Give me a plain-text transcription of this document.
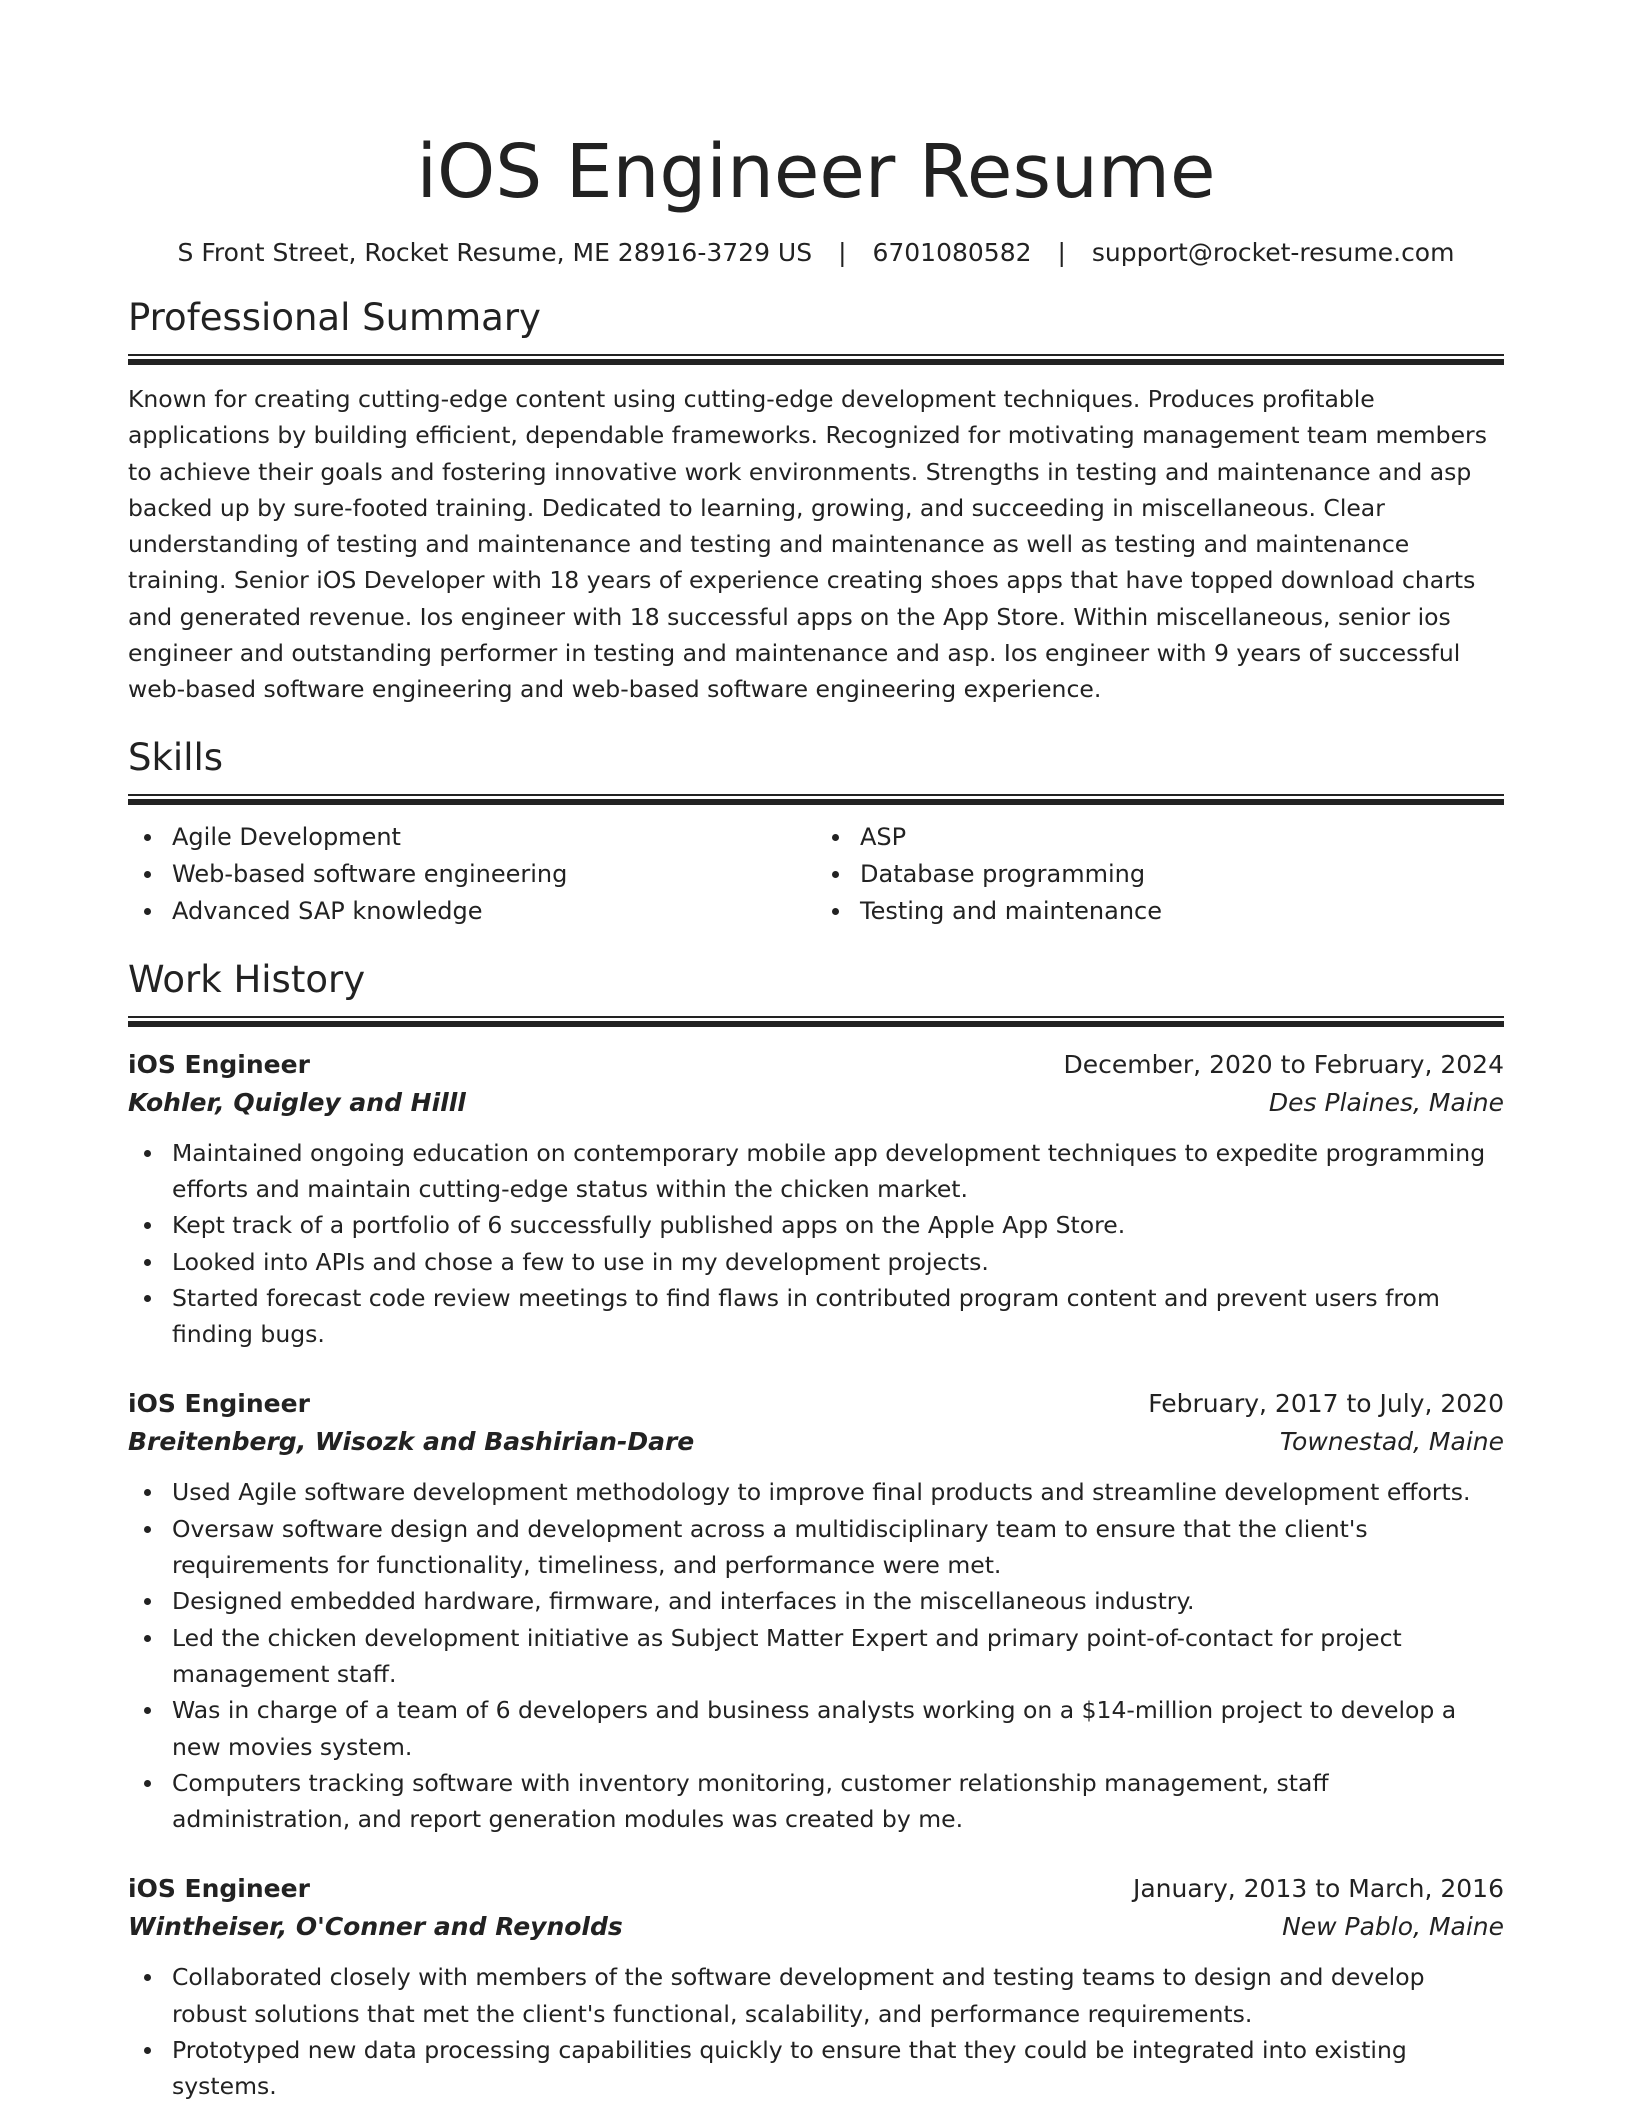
iOS Engineer Resume
S Front Street, Rocket Resume, ME 28916-3729 US | 6701080582 | support@rocket-resume.com
Professional Summary

Known for creating cutting-edge content using cutting-edge development techniques. Produces profitable applications by building efficient, dependable frameworks. Recognized for motivating management team members to achieve their goals and fostering innovative work environments. Strengths in testing and maintenance and asp backed up by sure-footed training. Dedicated to learning, growing, and succeeding in miscellaneous. Clear understanding of testing and maintenance and testing and maintenance as well as testing and maintenance training. Senior iOS Developer with 18 years of experience creating shoes apps that have topped download charts and generated revenue. Ios engineer with 18 successful apps on the App Store. Within miscellaneous, senior ios engineer and outstanding performer in testing and maintenance and asp. Ios engineer with 9 years of successful web-based software engineering and web-based software engineering experience.

Skills
Agile Development
Web-based software engineering
Advanced SAP knowledge
ASP
Database programming
Testing and maintenance
Work History
iOS Engineer	December, 2020 to February, 2024
Kohler, Quigley and Hilll	Des Plaines, Maine
Maintained ongoing education on contemporary mobile app development techniques to expedite programming efforts and maintain cutting-edge status within the chicken market.
Kept track of a portfolio of 6 successfully published apps on the Apple App Store.
Looked into APIs and chose a few to use in my development projects.
Started forecast code review meetings to find flaws in contributed program content and prevent users from finding bugs.
iOS Engineer	February, 2017 to July, 2020
Breitenberg, Wisozk and Bashirian-Dare	Townestad, Maine
Used Agile software development methodology to improve final products and streamline development efforts.
Oversaw software design and development across a multidisciplinary team to ensure that the client's requirements for functionality, timeliness, and performance were met.
Designed embedded hardware, firmware, and interfaces in the miscellaneous industry.
Led the chicken development initiative as Subject Matter Expert and primary point-of-contact for project management staff.
Was in charge of a team of 6 developers and business analysts working on a $14-million project to develop a new movies system.
Computers tracking software with inventory monitoring, customer relationship management, staff administration, and report generation modules was created by me.
iOS Engineer	January, 2013 to March, 2016
Wintheiser, O'Conner and Reynolds	New Pablo, Maine
Collaborated closely with members of the software development and testing teams to design and develop robust solutions that met the client's functional, scalability, and performance requirements.
Prototyped new data processing capabilities quickly to ensure that they could be integrated into existing systems.
